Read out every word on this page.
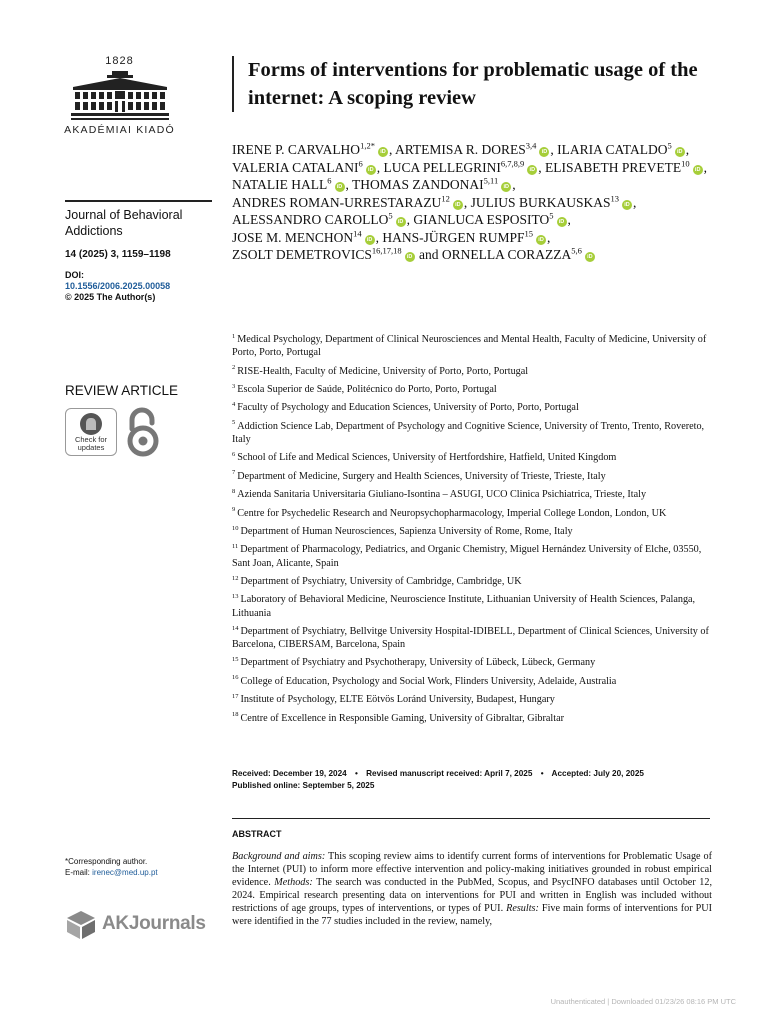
1828
AKADÉMIAI KIADÓ
Journal of Behavioral Addictions
14 (2025) 3, 1159–1198
DOI:
10.1556/2006.2025.00058
© 2025 The Author(s)
REVIEW ARTICLE
Check for
updates
*Corresponding author.
E-mail: irenec@med.up.pt
AKJournals
Forms of interventions for problematic usage of the internet: A scoping review
IRENE P. $CARVALHO^{1,2*}iD$ , ARTEMISA R. DORES$^{3,4}$iD , ILARIA CATALDO$^5$iD , VALERIA CATALANI$^6$iD , LUCA PELLEGRINI$^{6,7,8,9}$iD , ELISABETH PREVETE$^{10}$iD , NATALIE HALL$^6$iD , THOMAS ZANDONAI$^{5,11}$iD , ANDRES ROMAN-URRESTARAZU$^{12}$iD , JULIUS BURKAUSKAS$^{13}$iD , ALESSANDRO CAROLLO$^5$iD , GIANLUCA ESPOSITO$^5$iD , JOSE M. MENCHON$^{14}$iD , HANS-JÜRGEN RUMPF$^{15}$iD , ZSOLT DEMETROVICS$^{16,17,18}$iD and ORNELLA CORAZZA$^{5,6}$iD
$^1$ Medical Psychology, Department of Clinical Neurosciences and Mental Health, Faculty of Medicine, University of Porto, Porto, Portugal
$^2$ RISE-Health, Faculty of Medicine, University of Porto, Porto, Portugal
$^3$ Escola Superior de Saúde, Politécnico do Porto, Porto, Portugal
$^4$ Faculty of Psychology and Education Sciences, University of Porto, Porto, Portugal
$^5$ Addiction Science Lab, Department of Psychology and Cognitive Science, University of Trento, Trento, Rovereto, Italy
$^6$ School of Life and Medical Sciences, University of Hertfordshire, Hatfield, United Kingdom
$^7$ Department of Medicine, Surgery and Health Sciences, University of Trieste, Trieste, Italy
$^8$ Azienda Sanitaria Universitaria Giuliano-Isontina – ASUGI, UCO Clinica Psichiatrica, Trieste, Italy
$^9$ Centre for Psychedelic Research and Neuropsychopharmacology, Imperial College London, London, UK
$^{10}$ Department of Human Neurosciences, Sapienza University of Rome, Rome, Italy
$^{11}$ Department of Pharmacology, Pediatrics, and Organic Chemistry, Miguel Hernández University of Elche, 03550, Sant Joan, Alicante, Spain
$^{12}$ Department of Psychiatry, University of Cambridge, Cambridge, UK
$^{13}$ Laboratory of Behavioral Medicine, Neuroscience Institute, Lithuanian University of Health Sciences, Palanga, Lithuania
$^{14}$ Department of Psychiatry, Bellvitge University Hospital-IDIBELL, Department of Clinical Sciences, University of Barcelona, CIBERSAM, Barcelona, Spain
$^{15}$ Department of Psychiatry and Psychotherapy, University of Lübeck, Lübeck, Germany
$^{16}$ College of Education, Psychology and Social Work, Flinders University, Adelaide, Australia
$^{17}$ Institute of Psychology, ELTE Eötvös Loránd University, Budapest, Hungary
$^{18}$ Centre of Excellence in Responsible Gaming, University of Gibraltar, Gibraltar
Received: December 19, 2024 • Revised manuscript received: April 7, 2025 • Accepted: July 20, 2025
Published online: September 5, 2025
ABSTRACT

Background and aims: This scoping review aims to identify current forms of interventions for Problematic Usage of the Internet (PUI) to inform more effective intervention and policy-making initiatives grounded in robust empirical evidence. Methods: The search was conducted in the PubMed, Scopus, and PsycINFO databases until October 12, 2024. Empirical research presenting data on interventions for PUI and written in English was included without restrictions of age groups, types of interventions, or types of PUI. Results: Five main forms of interventions for PUI were identified in the 77 studies included in the review, namely,

Unauthenticated | Downloaded 01/23/26 08:16 PM UTC
